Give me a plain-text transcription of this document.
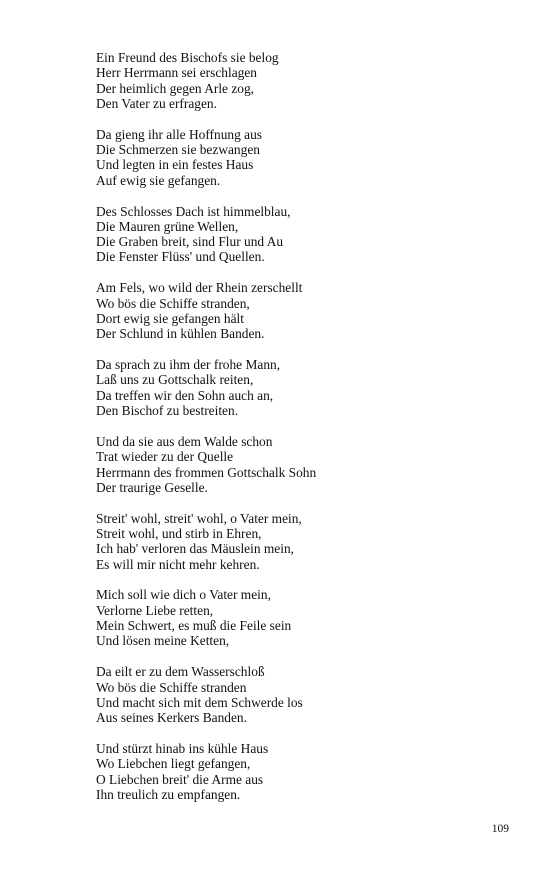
Ein Freund des Bischofs sie belog
Herr Herrmann sei erschlagen
Der heimlich gegen Arle zog,
Den Vater zu erfragen.
Da gieng ihr alle Hoffnung aus
Die Schmerzen sie bezwangen
Und legten in ein festes Haus
Auf ewig sie gefangen.
Des Schlosses Dach ist himmelblau,
Die Mauren grüne Wellen,
Die Graben breit, sind Flur und Au
Die Fenster Flüss' und Quellen.
Am Fels, wo wild der Rhein zerschellt
Wo bös die Schiffe stranden,
Dort ewig sie gefangen hält
Der Schlund in kühlen Banden.
Da sprach zu ihm der frohe Mann,
Laß uns zu Gottschalk reiten,
Da treffen wir den Sohn auch an,
Den Bischof zu bestreiten.
Und da sie aus dem Walde schon
Trat wieder zu der Quelle
Herrmann des frommen Gottschalk Sohn
Der traurige Geselle.
Streit' wohl, streit' wohl, o Vater mein,
Streit wohl, und stirb in Ehren,
Ich hab' verloren das Mäuslein mein,
Es will mir nicht mehr kehren.
Mich soll wie dich o Vater mein,
Verlorne Liebe retten,
Mein Schwert, es muß die Feile sein
Und lösen meine Ketten,
Da eilt er zu dem Wasserschloß
Wo bös die Schiffe stranden
Und macht sich mit dem Schwerde los
Aus seines Kerkers Banden.
Und stürzt hinab ins kühle Haus
Wo Liebchen liegt gefangen,
O Liebchen breit' die Arme aus
Ihn treulich zu empfangen.
109
